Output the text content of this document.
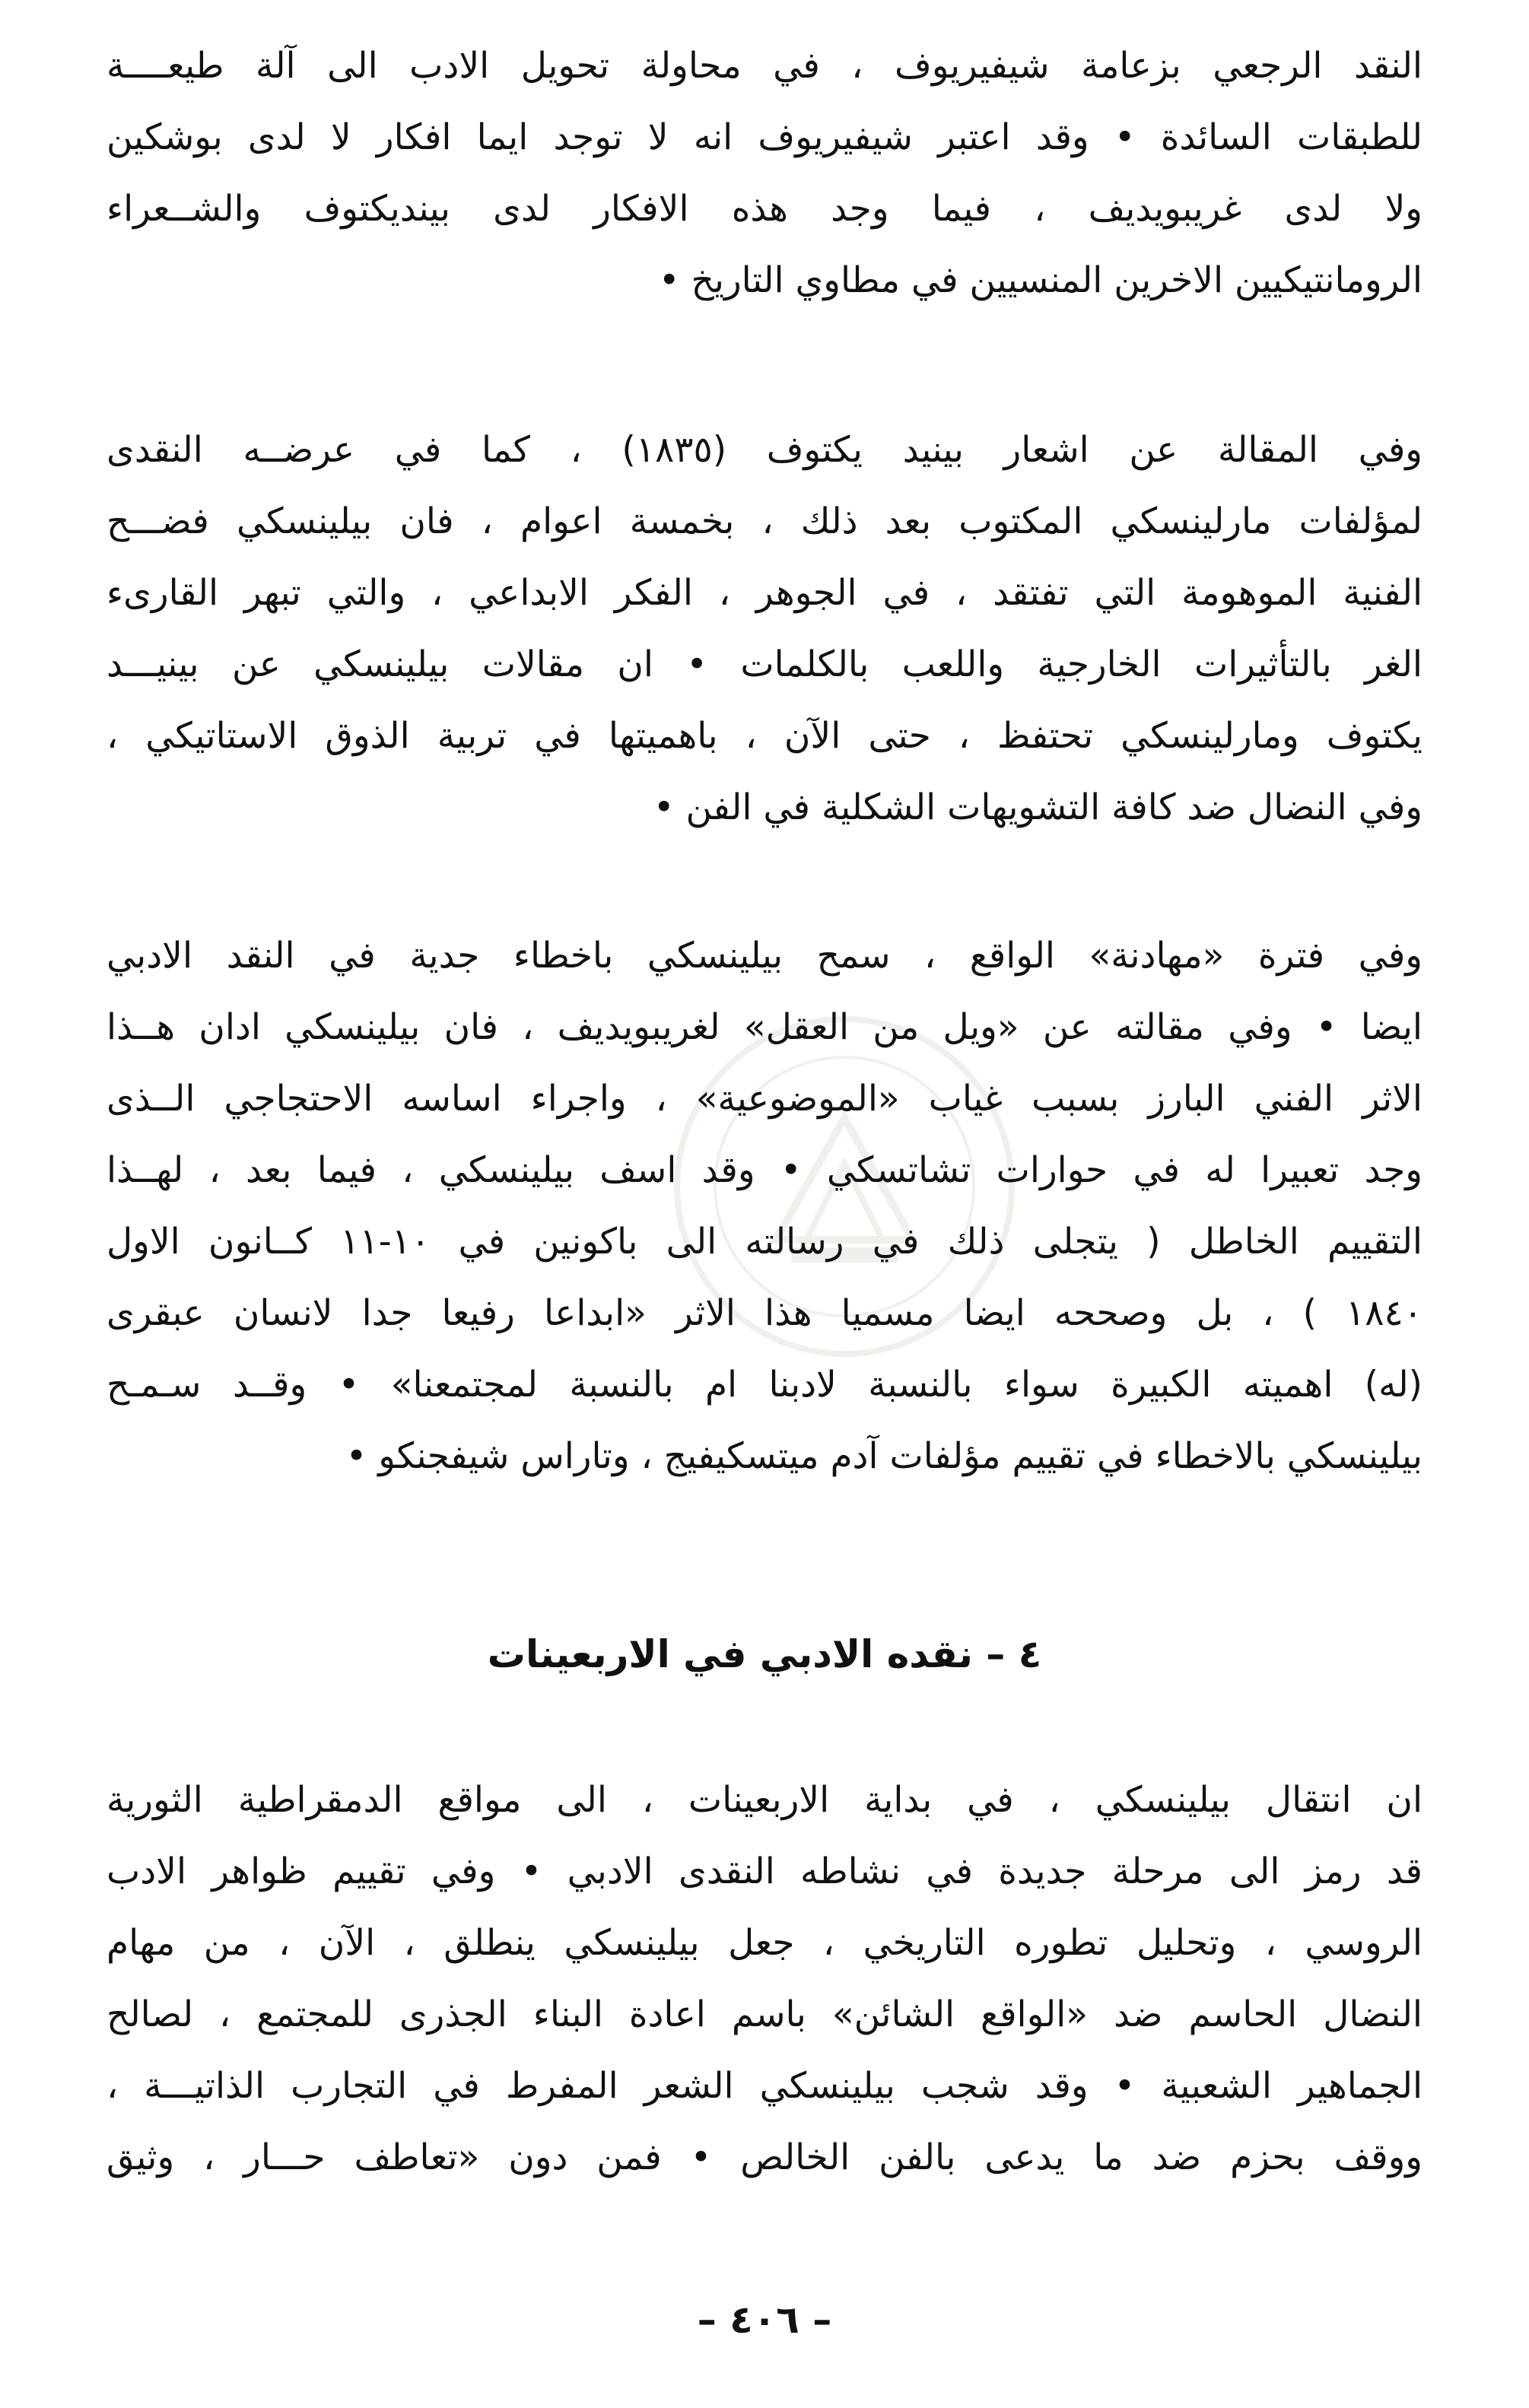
النقد الرجعي بزعامة شيفيريوف ، في محاولة تحويل الادب الى آلة طيعــــة
للطبقات السائدة • وقد اعتبر شيفيريوف انه لا توجد ايما افكار لا لدى بوشكين
ولا لدى غريبويديف ، فيما وجد هذه الافكار لدى بينديكتوف والشــعراء
الرومانتيكيين الاخرين المنسيين في مطاوي التاريخ •
وفي المقالة عن اشعار بينيد يكتوف (١٨٣٥) ، كما في عرضــه النقدى
لمؤلفات مارلينسكي المكتوب بعد ذلك ، بخمسة اعوام ، فان بيلينسكي فضـــح
الفنية الموهومة التي تفتقد ، في الجوهر ، الفكر الابداعي ، والتي تبهر القارىء
الغر بالتأثيرات الخارجية واللعب بالكلمات • ان مقالات بيلينسكي عن بينيـــد
يكتوف ومارلينسكي تحتفظ ، حتى الآن ، باهميتها في تربية الذوق الاستاتيكي ،
وفي النضال ضد كافة التشويهات الشكلية في الفن •
وفي فترة «مهادنة» الواقع ، سمح بيلينسكي باخطاء جدية في النقد الادبي
ايضا • وفي مقالته عن «ويل من العقل» لغريبويديف ، فان بيلينسكي ادان هــذا
الاثر الفني البارز بسبب غياب «الموضوعية» ، واجراء اساسه الاحتجاجي الــذى
وجد تعبيرا له في حوارات تشاتسكي • وقد اسف بيلينسكي ، فيما بعد ، لهــذا
التقييم الخاطل ( يتجلى ذلك في رسالته الى باكونين في ١٠-١١ كــانون الاول
١٨٤٠ ) ، بل وصححه ايضا مسميا هذا الاثر «ابداعا رفيعا جدا لانسان عبقرى
(له) اهميته الكبيرة سواء بالنسبة لادبنا ام بالنسبة لمجتمعنا» • وقــد سـمـح
بيلينسكي بالاخطاء في تقييم مؤلفات آدم ميتسكيفيج ، وتاراس شيفجنكو •
٤ – نقده الادبي في الاربعينات
ان انتقال بيلينسكي ، في بداية الاربعينات ، الى مواقع الدمقراطية الثورية
قد رمز الى مرحلة جديدة في نشاطه النقدى الادبي • وفي تقييم ظواهر الادب
الروسي ، وتحليل تطوره التاريخي ، جعل بيلينسكي ينطلق ، الآن ، من مهام
النضال الحاسم ضد «الواقع الشائن» باسم اعادة البناء الجذرى للمجتمع ، لصالح
الجماهير الشعبية • وقد شجب بيلينسكي الشعر المفرط في التجارب الذاتيـــة ،
ووقف بحزم ضد ما يدعى بالفن الخالص • فمن دون «تعاطف حـــار ، وثيق
– ٤٠٦ –
